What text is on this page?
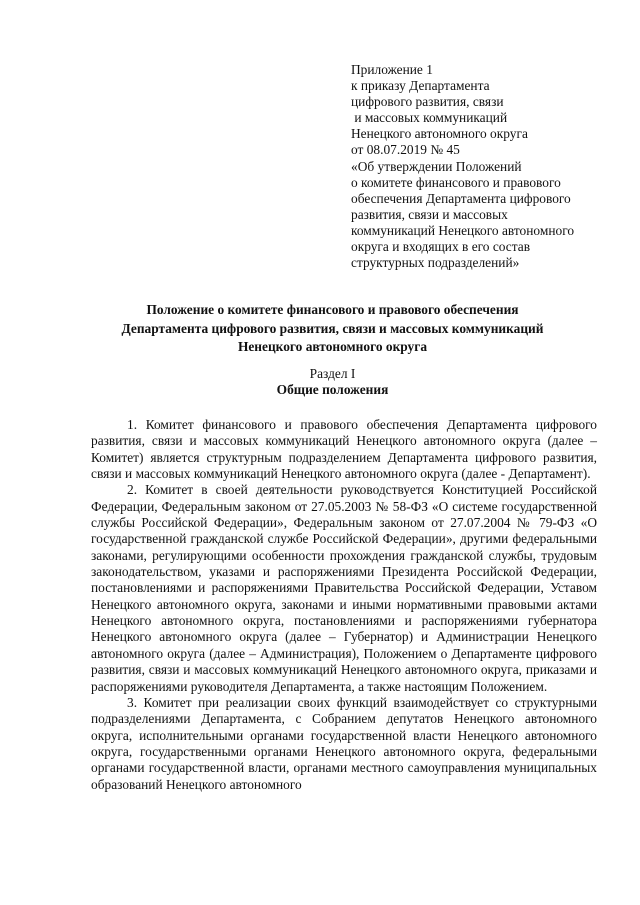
Приложение 1
к приказу Департамента
цифрового развития, связи
и массовых коммуникаций
Ненецкого автономного округа
от 08.07.2019 № 45
«Об утверждении Положений
о комитете финансового и правового
обеспечения Департамента цифрового
развития, связи и массовых
коммуникаций Ненецкого автономного
округа и входящих в его состав
структурных подразделений»
Положение о комитете финансового и правового обеспечения
Департамента цифрового развития, связи и массовых коммуникаций
Ненецкого автономного округа
Раздел I
Общие положения

1. Комитет финансового и правового обеспечения Департамента цифрового развития, связи и массовых коммуникаций Ненецкого автономного округа (далее – Комитет) является структурным подразделением Департамента цифрового развития, связи и массовых коммуникаций Ненецкого автономного округа (далее - Департамент).

2. Комитет в своей деятельности руководствуется Конституцией Российской Федерации, Федеральным законом от 27.05.2003 № 58-ФЗ «О системе государственной службы Российской Федерации», Федеральным законом от 27.07.2004 № 79-ФЗ «О государственной гражданской службе Российской Федерации», другими федеральными законами, регулирующими особенности прохождения гражданской службы, трудовым законодательством, указами и распоряжениями Президента Российской Федерации, постановлениями и распоряжениями Правительства Российской Федерации, Уставом Ненецкого автономного округа, законами и иными нормативными правовыми актами Ненецкого автономного округа, постановлениями и распоряжениями губернатора Ненецкого автономного округа (далее – Губернатор) и Администрации Ненецкого автономного округа (далее – Администрация), Положением о Департаменте цифрового развития, связи и массовых коммуникаций Ненецкого автономного округа, приказами и распоряжениями руководителя Департамента, а также настоящим Положением.

3. Комитет при реализации своих функций взаимодействует со структурными подразделениями Департамента, с Собранием депутатов Ненецкого автономного округа, исполнительными органами государственной власти Ненецкого автономного округа, государственными органами Ненецкого автономного округа, федеральными органами государственной власти, органами местного самоуправления муниципальных образований Ненецкого автономного
